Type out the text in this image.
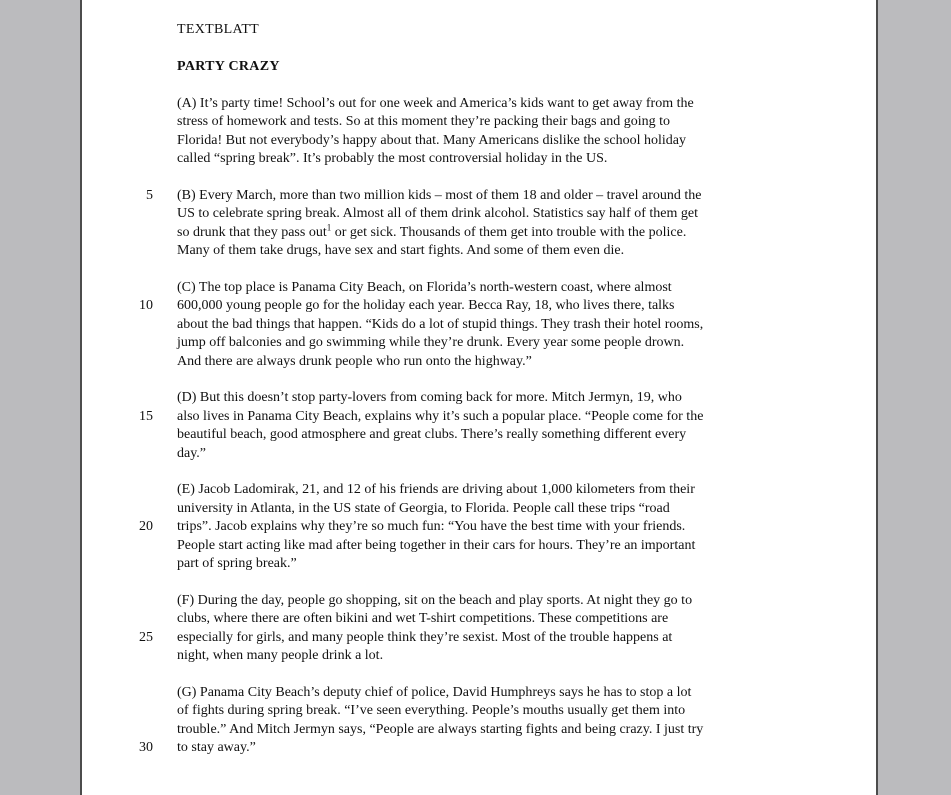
TEXTBLATT
PARTY CRAZY
(A) It’s party time! School’s out for one week and America’s kids want to get away from the
stress of homework and tests. So at this moment they’re packing their bags and going to
Florida! But not everybody’s happy about that. Many Americans dislike the school holiday
called “spring break”. It’s probably the most controversial holiday in the US.
5 (B) Every March, more than two million kids – most of them 18 and older – travel around the
US to celebrate spring break. Almost all of them drink alcohol. Statistics say half of them get
so drunk that they pass out$^1$ or get sick. Thousands of them get into trouble with the police.
Many of them take drugs, have sex and start fights. And some of them even die.
(C) The top place is Panama City Beach, on Florida’s north-western coast, where almost
10 600,000 young people go for the holiday each year. Becca Ray, 18, who lives there, talks
about the bad things that happen. “Kids do a lot of stupid things. They trash their hotel rooms,
jump off balconies and go swimming while they’re drunk. Every year some people drown.
And there are always drunk people who run onto the highway.”
(D) But this doesn’t stop party-lovers from coming back for more. Mitch Jermyn, 19, who
15 also lives in Panama City Beach, explains why it’s such a popular place. “People come for the
beautiful beach, good atmosphere and great clubs. There’s really something different every
day.”
(E) Jacob Ladomirak, 21, and 12 of his friends are driving about 1,000 kilometers from their
university in Atlanta, in the US state of Georgia, to Florida. People call these trips “road
20 trips”. Jacob explains why they’re so much fun: “You have the best time with your friends.
People start acting like mad after being together in their cars for hours. They’re an important
part of spring break.”
(F) During the day, people go shopping, sit on the beach and play sports. At night they go to
clubs, where there are often bikini and wet T-shirt competitions. These competitions are
25 especially for girls, and many people think they’re sexist. Most of the trouble happens at
night, when many people drink a lot.
(G) Panama City Beach’s deputy chief of police, David Humphreys says he has to stop a lot
of fights during spring break. “I’ve seen everything. People’s mouths usually get them into
trouble.” And Mitch Jermyn says, “People are always starting fights and being crazy. I just try
30 to stay away.”
